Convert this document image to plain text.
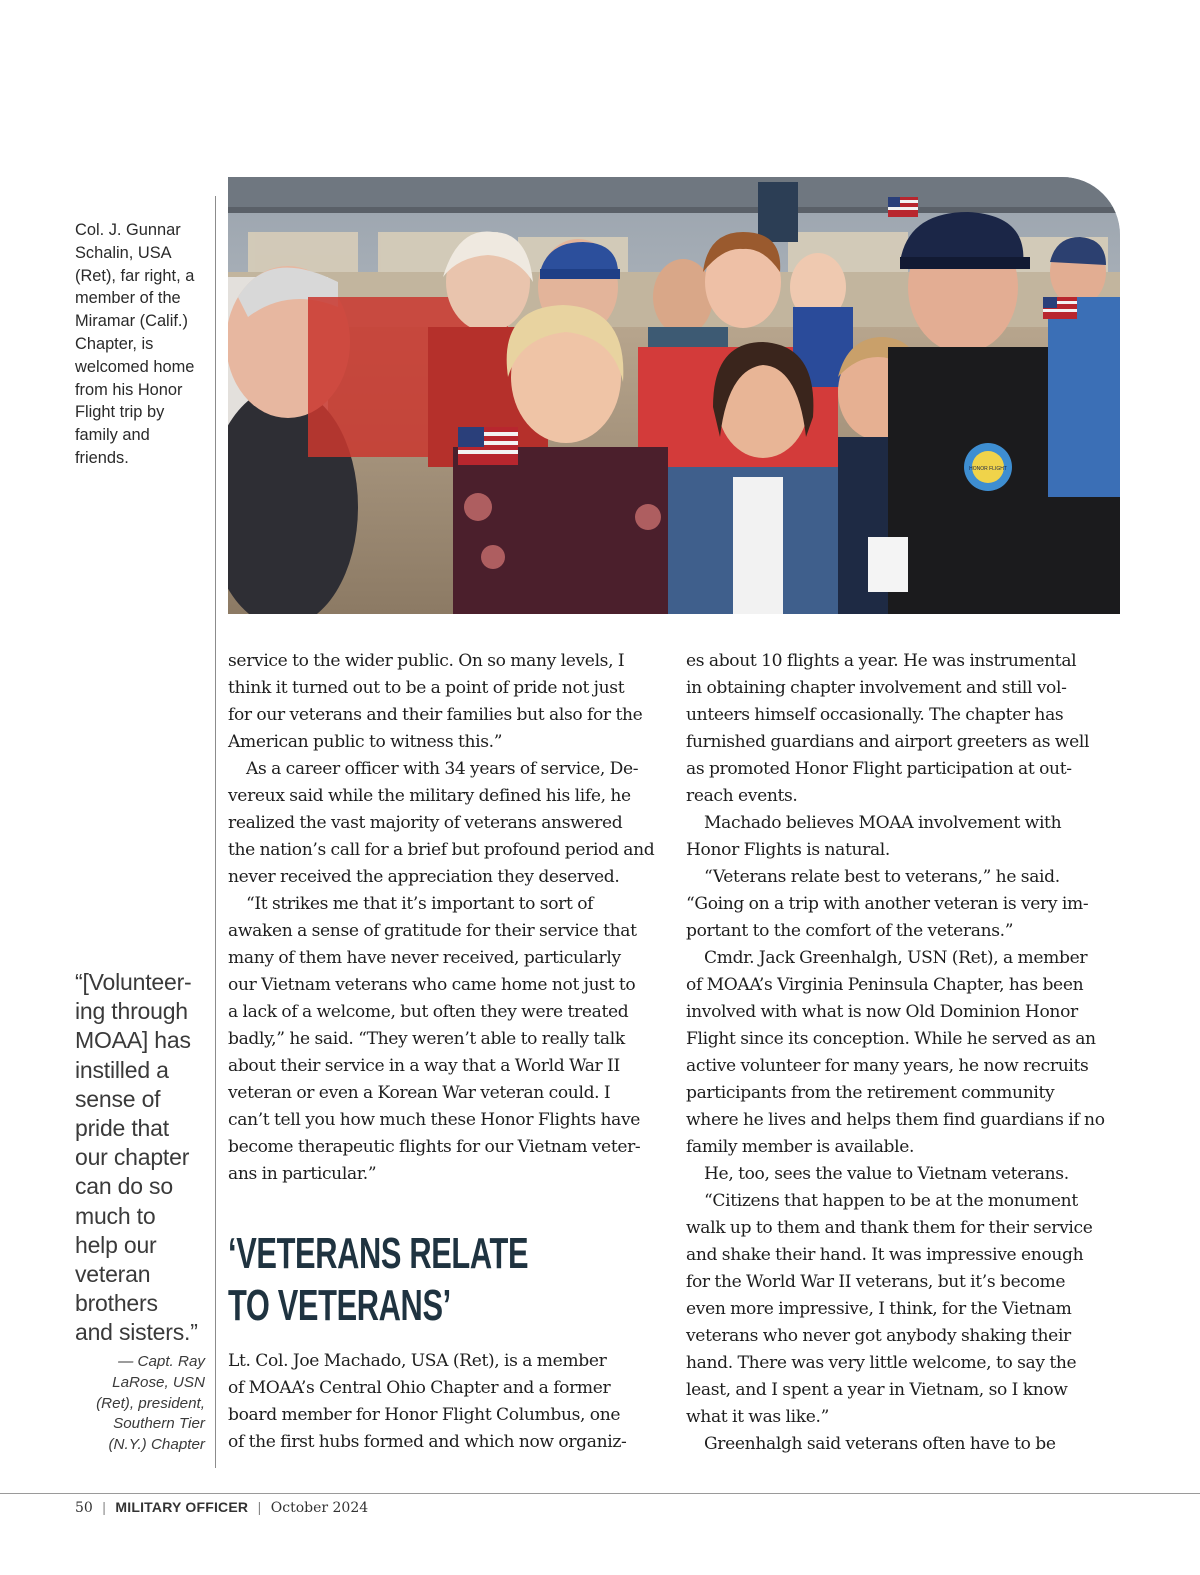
Col. J. Gunnar Schalin, USA (Ret), far right, a member of the Miramar (Calif.) Chapter, is welcomed home from his Honor Flight trip by family and friends.

HONOR FLIGHT

service to the wider public. On so many levels, I

think it turned out to be a point of pride not just

for our veterans and their families but also for the

American public to witness this.”

As a career officer with 34 years of service, De-

vereux said while the military defined his life, he

realized the vast majority of veterans answered

the nation’s call for a brief but profound period and

never received the appreciation they deserved.

“It strikes me that it’s important to sort of

awaken a sense of gratitude for their service that

many of them have never received, particularly

our Vietnam veterans who came home not just to

a lack of a welcome, but often they were treated

badly,” he said. “They weren’t able to really talk

about their service in a way that a World War II

veteran or even a Korean War veteran could. I

can’t tell you how much these Honor Flights have

become therapeutic flights for our Vietnam veter-

ans in particular.”

‘VETERANS RELATE
TO VETERANS’

Lt. Col. Joe Machado, USA (Ret), is a member

of MOAA’s Central Ohio Chapter and a former

board member for Honor Flight Columbus, one

of the first hubs formed and which now organiz-

es about 10 flights a year. He was instrumental

in obtaining chapter involvement and still vol-

unteers himself occasionally. The chapter has

furnished guardians and airport greeters as well

as promoted Honor Flight participation at out-

reach events.

Machado believes MOAA involvement with

Honor Flights is natural.

“Veterans relate best to veterans,” he said.

“Going on a trip with another veteran is very im-

portant to the comfort of the veterans.”

Cmdr. Jack Greenhalgh, USN (Ret), a member

of MOAA’s Virginia Peninsula Chapter, has been

involved with what is now Old Dominion Honor

Flight since its conception. While he served as an

active volunteer for many years, he now recruits

participants from the retirement community

where he lives and helps them find guardians if no

family member is available.

He, too, sees the value to Vietnam veterans.

“Citizens that happen to be at the monument

walk up to them and thank them for their service

and shake their hand. It was impressive enough

for the World War II veterans, but it’s become

even more impressive, I think, for the Vietnam

veterans who never got anybody shaking their

hand. There was very little welcome, to say the

least, and I spent a year in Vietnam, so I know

what it was like.”

Greenhalgh said veterans often have to be

“[Volunteer-
ing through
MOAA] has
instilled a
sense of
pride that
our chapter
can do so
much to
help our
veteran
brothers
and sisters.”

— Capt. Ray
LaRose, USN
(Ret), president,
Southern Tier
(N.Y.) Chapter

50 | MILITARY OFFICER | October 2024
